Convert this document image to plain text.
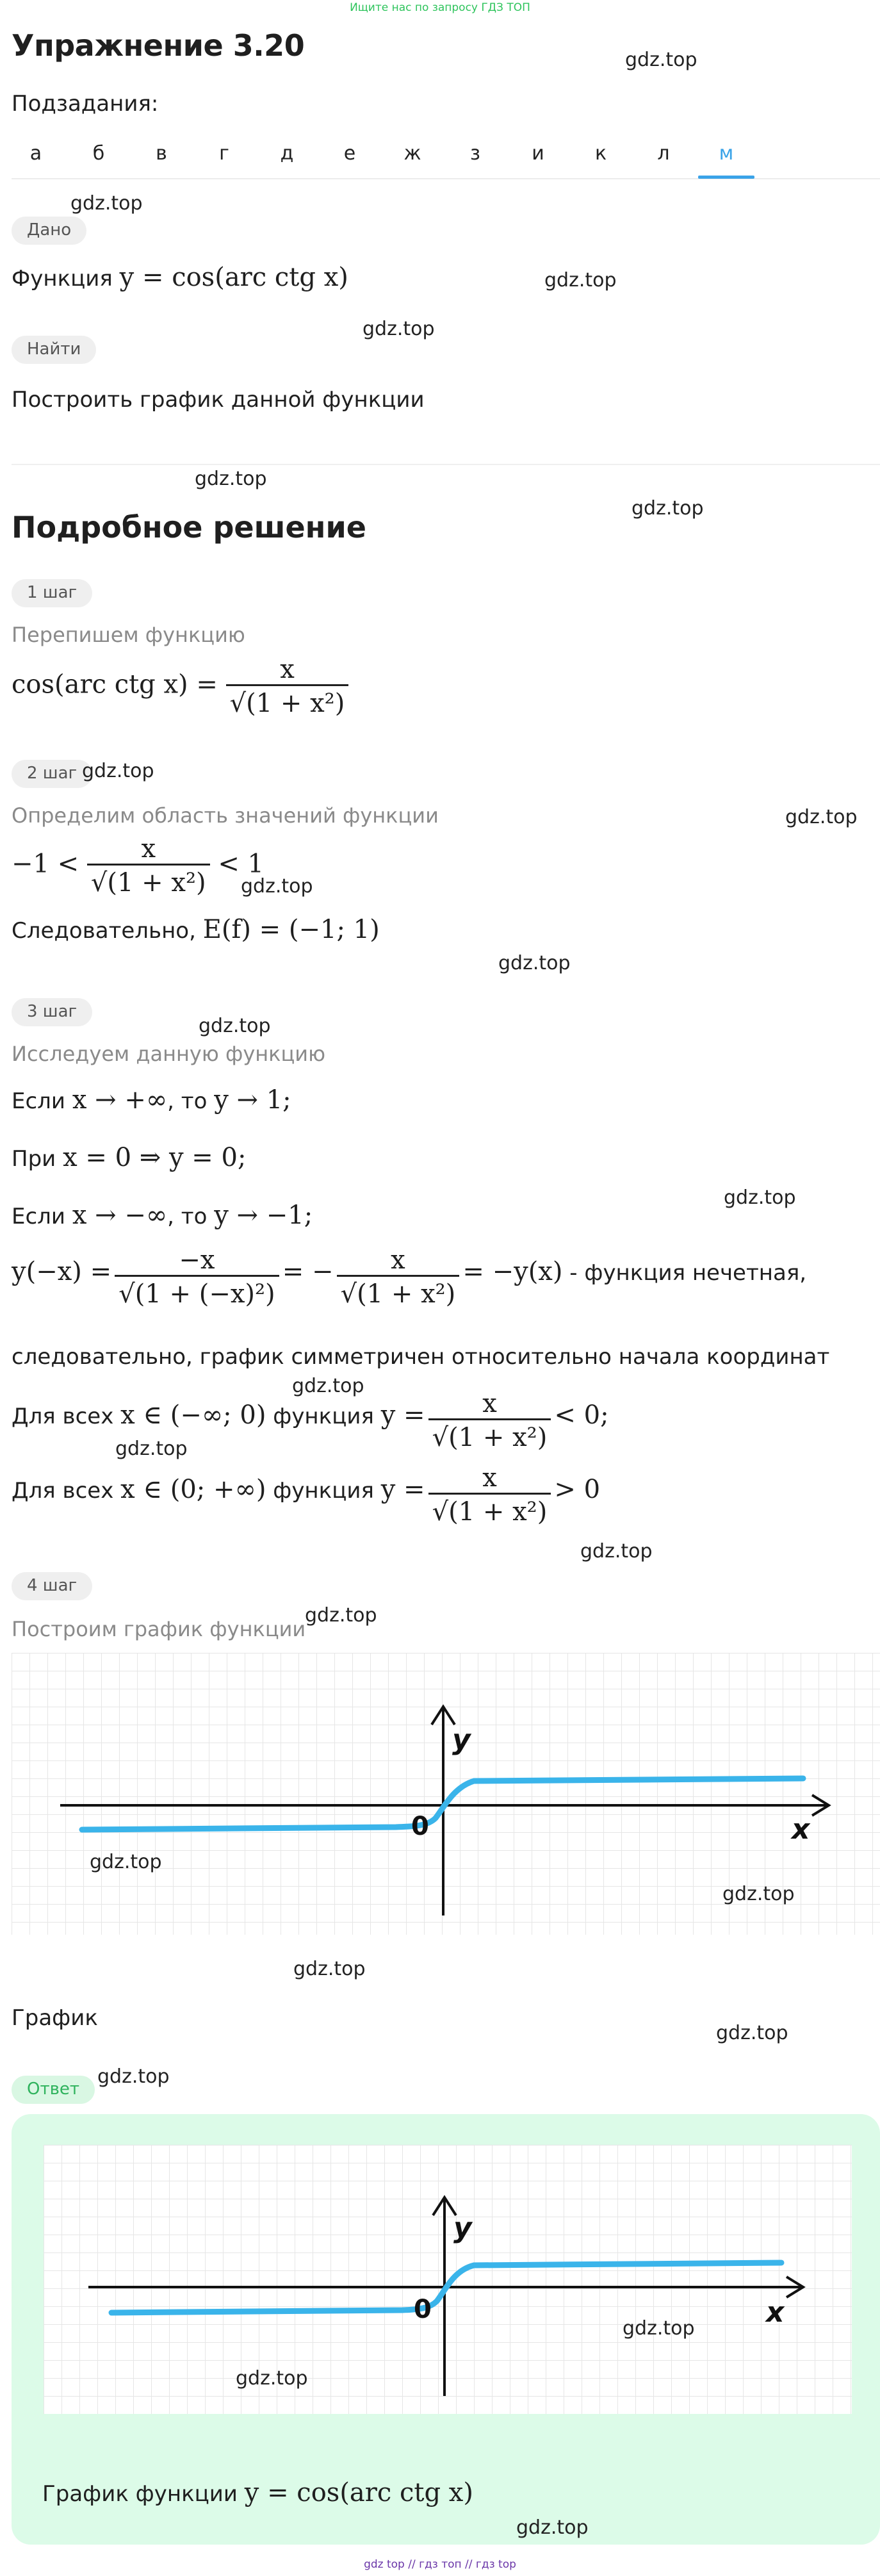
Ищите нас по запросу ГДЗ ТОП
Упражнение 3.20	gdz.top
Подзадания:
а	б	в	г	д	е	ж	з	и	к	л	м
gdz.top
Дано
Функция y = cos(arc ctg x)	gdz.top
gdz.top
Найти
Построить график данной функции
gdz.top
Подробное решение
gdz.top
1 шаг
Перепишем функцию
cos(arc ctg $x) = \frac{x}{\text{√(1 + x²)}}$
2 шаг gdz.top
Определим область значений функции	gdz.top
$-1 < \frac{x}{\text{√(1 + x²)}} < 1$
gdz.top
Следовательно, E(f) = (−1; 1)
gdz.top
3 шаг
gdz.top
Исследуем данную функцию
Если x → +∞, то y → 1;
При x = 0 ⇒ y = 0;
gdz.top
Если x → −∞, то y → −1;
$y(-x) = \frac{-x}{\text{√(1 + (−x)²)}}$ = − $\frac{x}{\text{√(1 + x²)}} = -y(x)$ - функция нечетная,
следовательно, график симметричен относительно начала координат
gdz.top
Для всех x ∈ (−∞; 0) функция $y = \frac{x}{\text{√(1 + x²)}} < 0$;
gdz.top
Для всех x ∈ (0; +∞) функция $y = \frac{x}{\text{√(1 + x²)}} > 0$
gdz.top
4 шаг
Построим график функции
gdz.top
y
x
0
gdz.top
gdz.top
gdz.top
График
gdz.top
Ответ
gdz.top
y
x
0
gdz.top
gdz.top
График функции y = cos(arc ctg x)
gdz.top
gdz top // гдз топ // гдз top
